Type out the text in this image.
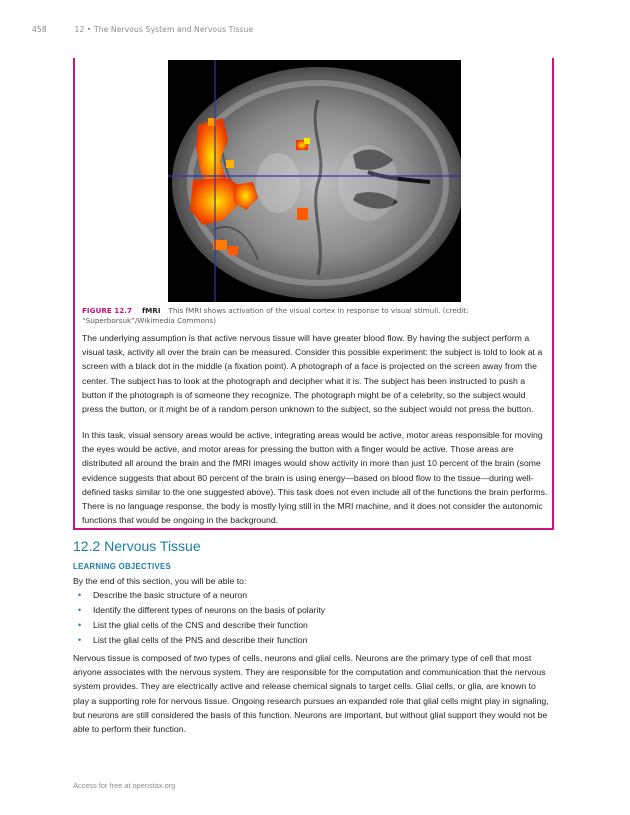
458	12 • The Nervous System and Nervous Tissue
FIGURE 12.7 fMRI This fMRI shows activation of the visual cortex in response to visual stimuli. (credit: “Superborsuk”/Wikimedia Commons)

The underlying assumption is that active nervous tissue will have greater blood flow. By having the subject perform a visual task, activity all over the brain can be measured. Consider this possible experiment: the subject is told to look at a screen with a black dot in the middle (a fixation point). A photograph of a face is projected on the screen away from the center. The subject has to look at the photograph and decipher what it is. The subject has been instructed to push a button if the photograph is of someone they recognize. The photograph might be of a celebrity, so the subject would press the button, or it might be of a random person unknown to the subject, so the subject would not press the button.

In this task, visual sensory areas would be active, integrating areas would be active, motor areas responsible for moving the eyes would be active, and motor areas for pressing the button with a finger would be active. Those areas are distributed all around the brain and the fMRI images would show activity in more than just 10 percent of the brain (some evidence suggests that about 80 percent of the brain is using energy—based on blood flow to the tissue—during well-defined tasks similar to the one suggested above). This task does not even include all of the functions the brain performs. There is no language response, the body is mostly lying still in the MRI machine, and it does not consider the autonomic functions that would be ongoing in the background.

12.2 Nervous Tissue
LEARNING OBJECTIVES
By the end of this section, you will be able to:
• Describe the basic structure of a neuron
• Identify the different types of neurons on the basis of polarity
• List the glial cells of the CNS and describe their function
• List the glial cells of the PNS and describe their function

Nervous tissue is composed of two types of cells, neurons and glial cells. Neurons are the primary type of cell that most anyone associates with the nervous system. They are responsible for the computation and communication that the nervous system provides. They are electrically active and release chemical signals to target cells. Glial cells, or glia, are known to play a supporting role for nervous tissue. Ongoing research pursues an expanded role that glial cells might play in signaling, but neurons are still considered the basis of this function. Neurons are important, but without glial support they would not be able to perform their function.

Access for free at openstax.org
